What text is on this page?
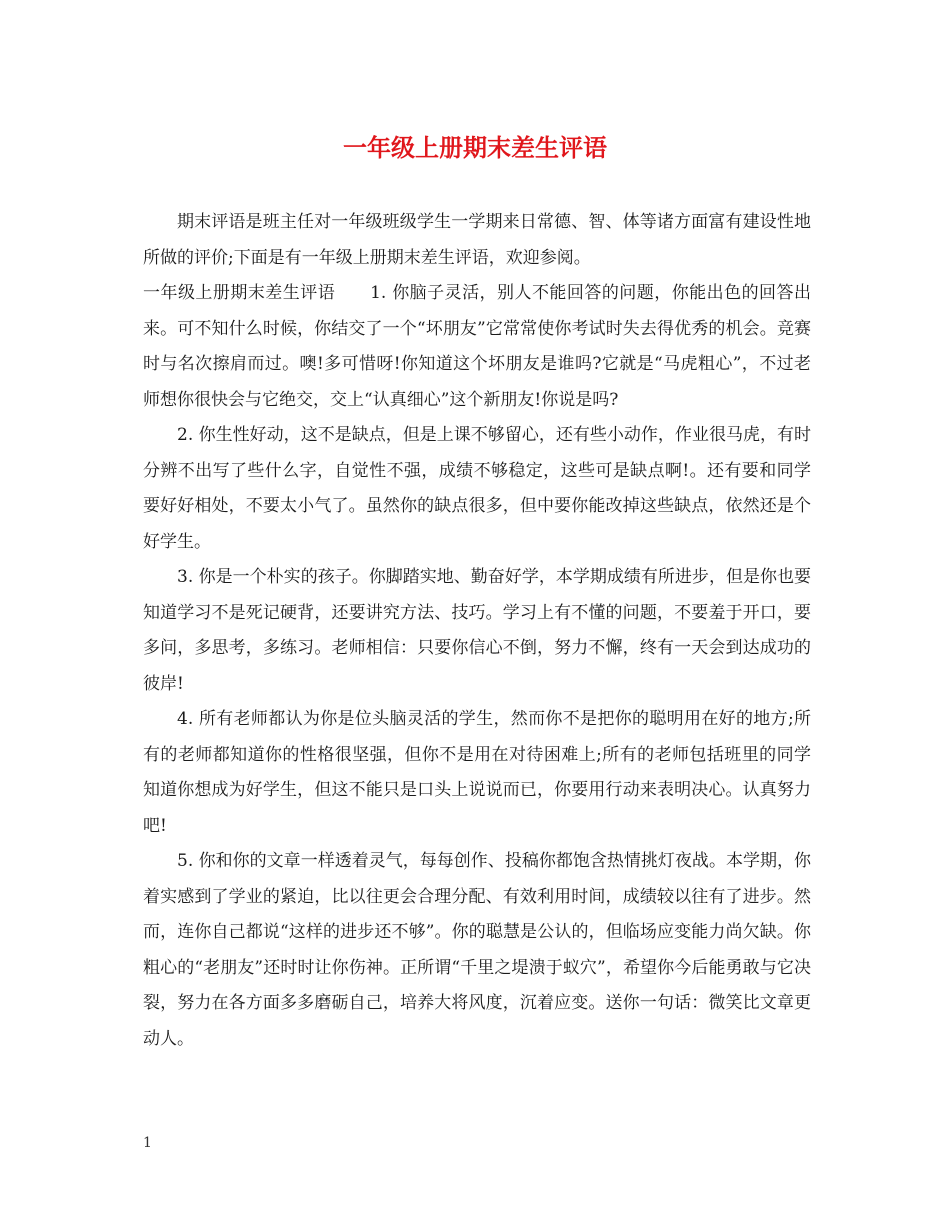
一年级上册期末差生评语

期末评语是班主任对一年级班级学生一学期来日常德、智、体等诸方面富有建设性地所做的评价;下面是有一年级上册期末差生评语，欢迎参阅。

一年级上册期末差生评语　　1. 你脑子灵活，别人不能回答的问题，你能出色的回答出来。可不知什么时候，你结交了一个“坏朋友”它常常使你考试时失去得优秀的机会。竞赛时与名次擦肩而过。噢!多可惜呀!你知道这个坏朋友是谁吗?它就是“马虎粗心”，不过老师想你很快会与它绝交，交上“认真细心”这个新朋友!你说是吗?

2. 你生性好动，这不是缺点，但是上课不够留心，还有些小动作，作业很马虎，有时分辨不出写了些什么字，自觉性不强，成绩不够稳定，这些可是缺点啊!。还有要和同学要好好相处，不要太小气了。虽然你的缺点很多，但中要你能改掉这些缺点，依然还是个好学生。

3. 你是一个朴实的孩子。你脚踏实地、勤奋好学，本学期成绩有所进步，但是你也要知道学习不是死记硬背，还要讲究方法、技巧。学习上有不懂的问题，不要羞于开口，要多问，多思考，多练习。老师相信：只要你信心不倒，努力不懈，终有一天会到达成功的彼岸!

4. 所有老师都认为你是位头脑灵活的学生，然而你不是把你的聪明用在好的地方;所有的老师都知道你的性格很坚强，但你不是用在对待困难上;所有的老师包括班里的同学知道你想成为好学生，但这不能只是口头上说说而已，你要用行动来表明决心。认真努力吧!

5. 你和你的文章一样透着灵气，每每创作、投稿你都饱含热情挑灯夜战。本学期，你着实感到了学业的紧迫，比以往更会合理分配、有效利用时间，成绩较以往有了进步。然而，连你自己都说“这样的进步还不够”。你的聪慧是公认的，但临场应变能力尚欠缺。你粗心的“老朋友”还时时让你伤神。正所谓“千里之堤溃于蚁穴”，希望你今后能勇敢与它决裂，努力在各方面多多磨砺自己，培养大将风度，沉着应变。送你一句话：微笑比文章更动人。

1
